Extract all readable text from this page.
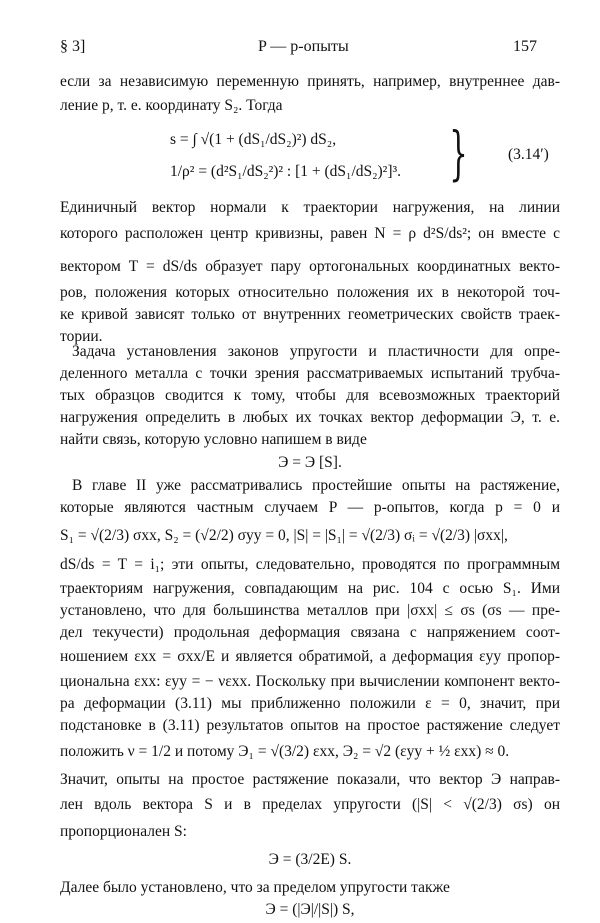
§ 3]	P — p-опыты	157
если за независимую переменную принять, например, внутреннее дав-
ление p, т. е. координату S₂. Тогда
s = ∫ √(1 + (dS₁/dS₂)²) dS₂,
1/ρ² = (d²S₁/dS₂²)² : [1 + (dS₁/dS₂)²]³. }	(3.14′)
Единичный вектор нормали к траектории нагружения, на линии
которого расположен центр кривизны, равен N = ρ d²S/ds²; он вместе с
вектором T = dS/ds образует пару ортогональных координатных векто-
ров, положения которых относительно положения их в некоторой точ-
ке кривой зависят только от внутренних геометрических свойств траек-
тории.
Задача установления законов упругости и пластичности для опре-
деленного металла с точки зрения рассматриваемых испытаний трубча-
тых образцов сводится к тому, чтобы для всевозможных траекторий
нагружения определить в любых их точках вектор деформации Э, т. е.
найти связь, которую условно напишем в виде
Э = Э [S].
В главе II уже рассматривались простейшие опыты на растяжение,
которые являются частным случаем P — p-опытов, когда p = 0 и
S₁ = √(2/3) σxx, S₂ = (√2/2) σyy = 0, |S| = |S₁| = √(2/3) σᵢ = √(2/3) |σxx|,
dS/ds = T = i₁; эти опыты, следовательно, проводятся по программным
траекториям нагружения, совпадающим на рис. 104 с осью S₁. Ими
установлено, что для большинства металлов при |σxx| ≤ σs (σs — пре-
дел текучести) продольная деформация связана с напряжением соот-
ношением εxx = σxx/E и является обратимой, а деформация εyy пропор-
циональна εxx: εyy = − νεxx. Поскольку при вычислении компонент векто-
ра деформации (3.11) мы приближенно положили ε = 0, значит, при
подстановке в (3.11) результатов опытов на простое растяжение следует
положить ν = 1/2 и потому Э₁ = √(3/2) εxx, Э₂ = √2 (εyy + ½ εxx) ≈ 0.
Значит, опыты на простое растяжение показали, что вектор Э направ-
лен вдоль вектора S и в пределах упругости (|S| < √(2/3) σs) он
пропорционален S:
Э = (3/2E) S.
Далее было установлено, что за пределом упругости также
Э = (|Э|/|S|) S,
